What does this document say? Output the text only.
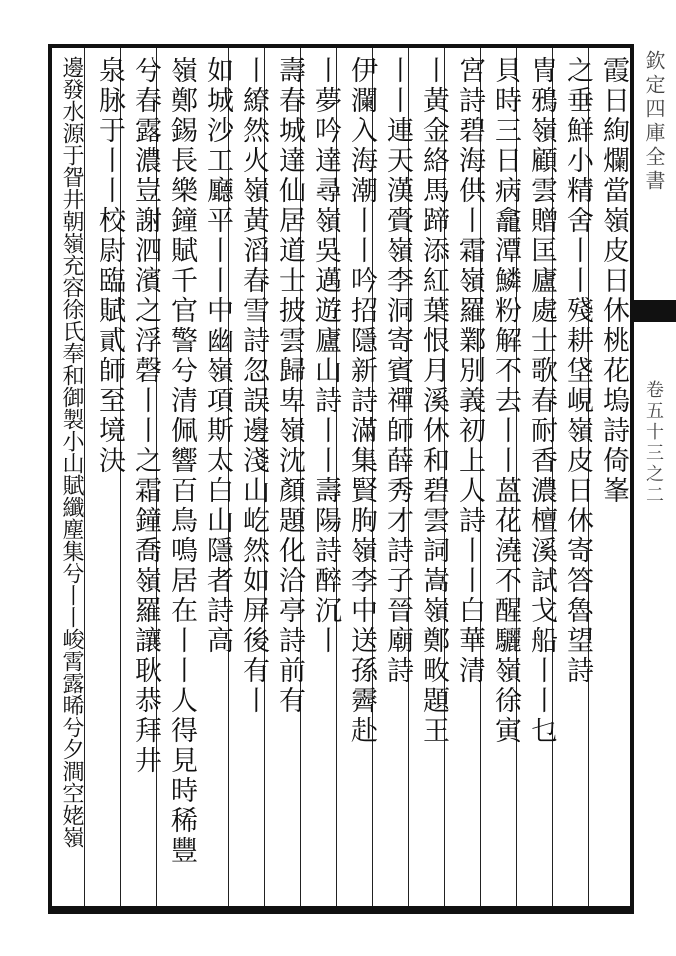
霞日絢爛當嶺皮日休桃花塢詩倚峯
之垂鮮小精舍丨丨殘耕垡峴嶺皮日休寄答魯望詩
冑鴉嶺顧雲贈匡廬處士歌春耐香濃檀溪試戈船丨丨乜
貝時三日病龕潭鱗粉解不去丨丨蒕花澆不醒驪嶺徐寅
宮詩碧海供丨霜嶺羅鄴別義初上人詩丨丨白華清
丨黃金絡馬蹄添紅葉恨月溪休和碧雲詞嵩嶺鄭畋題王
丨丨連天漢賫嶺李洞寄賓禪師薛秀才詩子晉廟詩
伊瀾入海潮丨丨吟招隱新詩滿集賢朐嶺李中送孫霽赴
丨夢吟達尋嶺吳邁遊廬山詩丨丨壽陽詩醉沉丨
壽春城達仙居道士披雲歸卑嶺沈顏題化洽亭詩前有
丨繚然火嶺黃滔春雪詩忽誤邊淺山屹然如屏後有丨
如城沙工廳平丨丨中幽嶺項斯太白山隱者詩高
嶺鄭錫長樂鐘賦千官警兮清佩響百鳥鳴居在丨丨人得見時稀豐
兮春露濃豈謝泗濱之浮磬丨丨之霜鐘喬嶺羅讓耿恭拜井
泉脉于丨丨校尉臨賦貳師至境決
邊發水源于眢井朝嶺充容徐氏奉和御製小山賦纖塵集兮丨丨峻霄露晞兮夕澗空姥嶺
集兮丨丨峻霄露晞兮夕澗空姥嶺	欽定四庫全書
卷五十三之二
